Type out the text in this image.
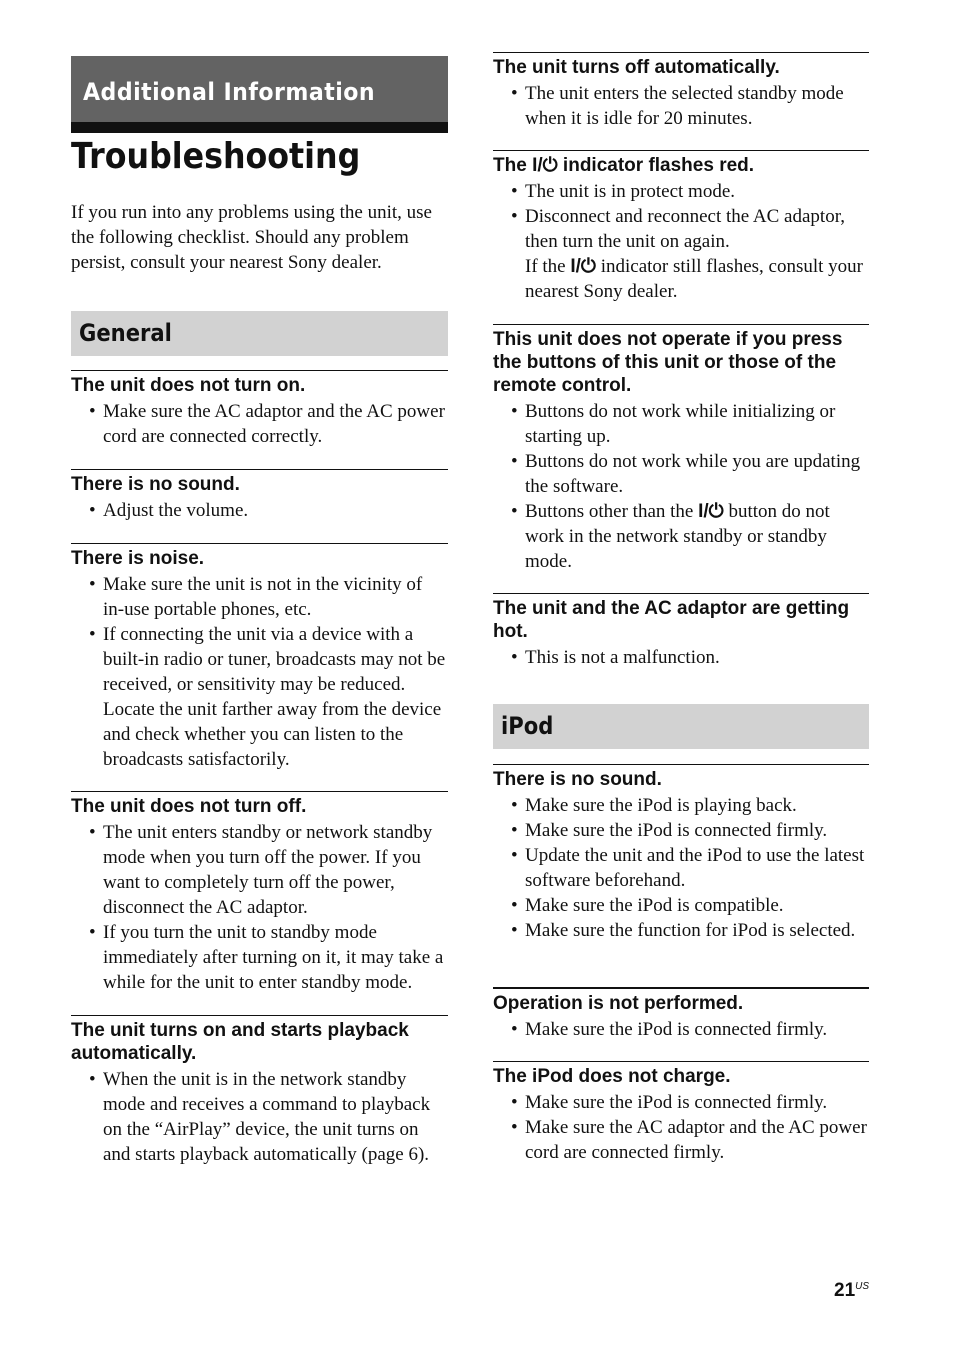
Additional Information
Troubleshooting

If you run into any problems using the unit, use the following checklist. Should any problem persist, consult your nearest Sony dealer.

General
The unit does not turn on.
• Make sure the AC adaptor and the AC power cord are connected correctly.
There is no sound.
• Adjust the volume.
There is noise.
• Make sure the unit is not in the vicinity of in-use portable phones, etc.
• If connecting the unit via a device with a built-in radio or tuner, broadcasts may not be received, or sensitivity may be reduced. Locate the unit farther away from the device and check whether you can listen to the broadcasts satisfactorily.
The unit does not turn off.
• The unit enters standby or network standby mode when you turn off the power. If you want to completely turn off the power, disconnect the AC adaptor.
• If you turn the unit to standby mode immediately after turning on it, it may take a while for the unit to enter standby mode.
The unit turns on and starts playback automatically.
• When the unit is in the network standby mode and receives a command to playback on the “AirPlay” device, the unit turns on and starts playback automatically (page 6).
The unit turns off automatically.
• The unit enters the selected standby mode when it is idle for 20 minutes.
The I/⏻ indicator flashes red.
• The unit is in protect mode.
• Disconnect and reconnect the AC adaptor, then turn the unit on again.

If the I/⏻ indicator still flashes, consult your nearest Sony dealer.

This unit does not operate if you press the buttons of this unit or those of the remote control.
• Buttons do not work while initializing or starting up.
• Buttons do not work while you are updating the software.
• Buttons other than the I/⏻ button do not work in the network standby or standby mode.
The unit and the AC adaptor are getting hot.
• This is not a malfunction.
iPod
There is no sound.
• Make sure the iPod is playing back.
• Make sure the iPod is connected firmly.
• Update the unit and the iPod to use the latest software beforehand.
• Make sure the iPod is compatible.
• Make sure the function for iPod is selected.
Operation is not performed.
• Make sure the iPod is connected firmly.
The iPod does not charge.
• Make sure the iPod is connected firmly.
• Make sure the AC adaptor and the AC power cord are connected firmly.
$21^{US}$
